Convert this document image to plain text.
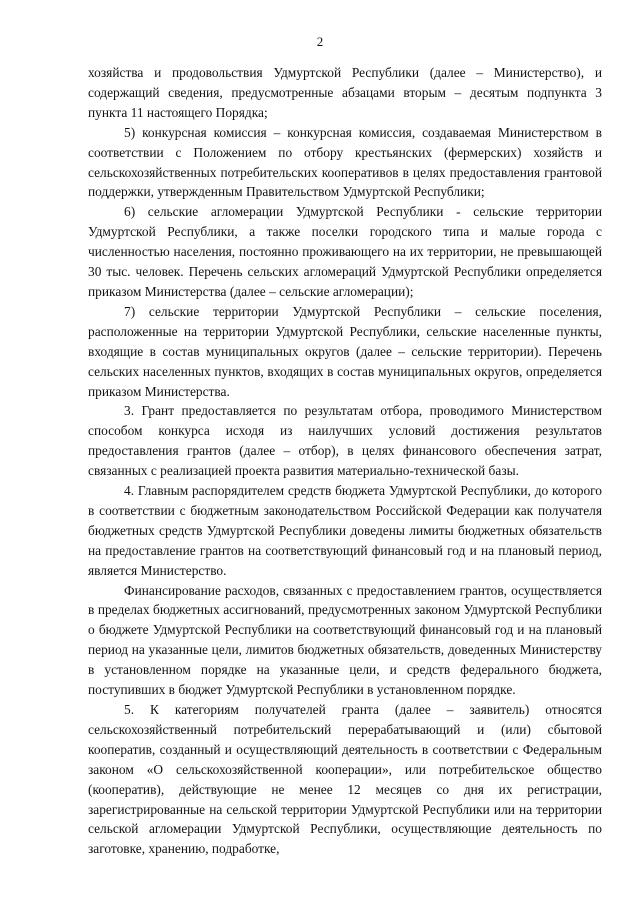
2

хозяйства и продовольствия Удмуртской Республики (далее – Министерство), и содержащий сведения, предусмотренные абзацами вторым – десятым подпункта 3 пункта 11 настоящего Порядка;

5) конкурсная комиссия – конкурсная комиссия, создаваемая Министерством в соответствии с Положением по отбору крестьянских (фермерских) хозяйств и сельскохозяйственных потребительских кооперативов в целях предоставления грантовой поддержки, утвержденным Правительством Удмуртской Республики;

6) сельские агломерации Удмуртской Республики - сельские территории Удмуртской Республики, а также поселки городского типа и малые города с численностью населения, постоянно проживающего на их территории, не превышающей 30 тыс. человек. Перечень сельских агломераций Удмуртской Республики определяется приказом Министерства (далее – сельские агломерации);

7) сельские территории Удмуртской Республики – сельские поселения, расположенные на территории Удмуртской Республики, сельские населенные пункты, входящие в состав муниципальных округов (далее – сельские территории). Перечень сельских населенных пунктов, входящих в состав муниципальных округов, определяется приказом Министерства.

3. Грант предоставляется по результатам отбора, проводимого Министерством способом конкурса исходя из наилучших условий достижения результатов предоставления грантов (далее – отбор), в целях финансового обеспечения затрат, связанных с реализацией проекта развития материально-технической базы.

4. Главным распорядителем средств бюджета Удмуртской Республики, до которого в соответствии с бюджетным законодательством Российской Федерации как получателя бюджетных средств Удмуртской Республики доведены лимиты бюджетных обязательств на предоставление грантов на соответствующий финансовый год и на плановый период, является Министерство.

Финансирование расходов, связанных с предоставлением грантов, осуществляется в пределах бюджетных ассигнований, предусмотренных законом Удмуртской Республики о бюджете Удмуртской Республики на соответствующий финансовый год и на плановый период на указанные цели, лимитов бюджетных обязательств, доведенных Министерству в установленном порядке на указанные цели, и средств федерального бюджета, поступивших в бюджет Удмуртской Республики в установленном порядке.

5. К категориям получателей гранта (далее – заявитель) относятся сельскохозяйственный потребительский перерабатывающий и (или) сбытовой кооператив, созданный и осуществляющий деятельность в соответствии с Федеральным законом «О сельскохозяйственной кооперации», или потребительское общество (кооператив), действующие не менее 12 месяцев со дня их регистрации, зарегистрированные на сельской территории Удмуртской Республики или на территории сельской агломерации Удмуртской Республики, осуществляющие деятельность по заготовке, хранению, подработке,
